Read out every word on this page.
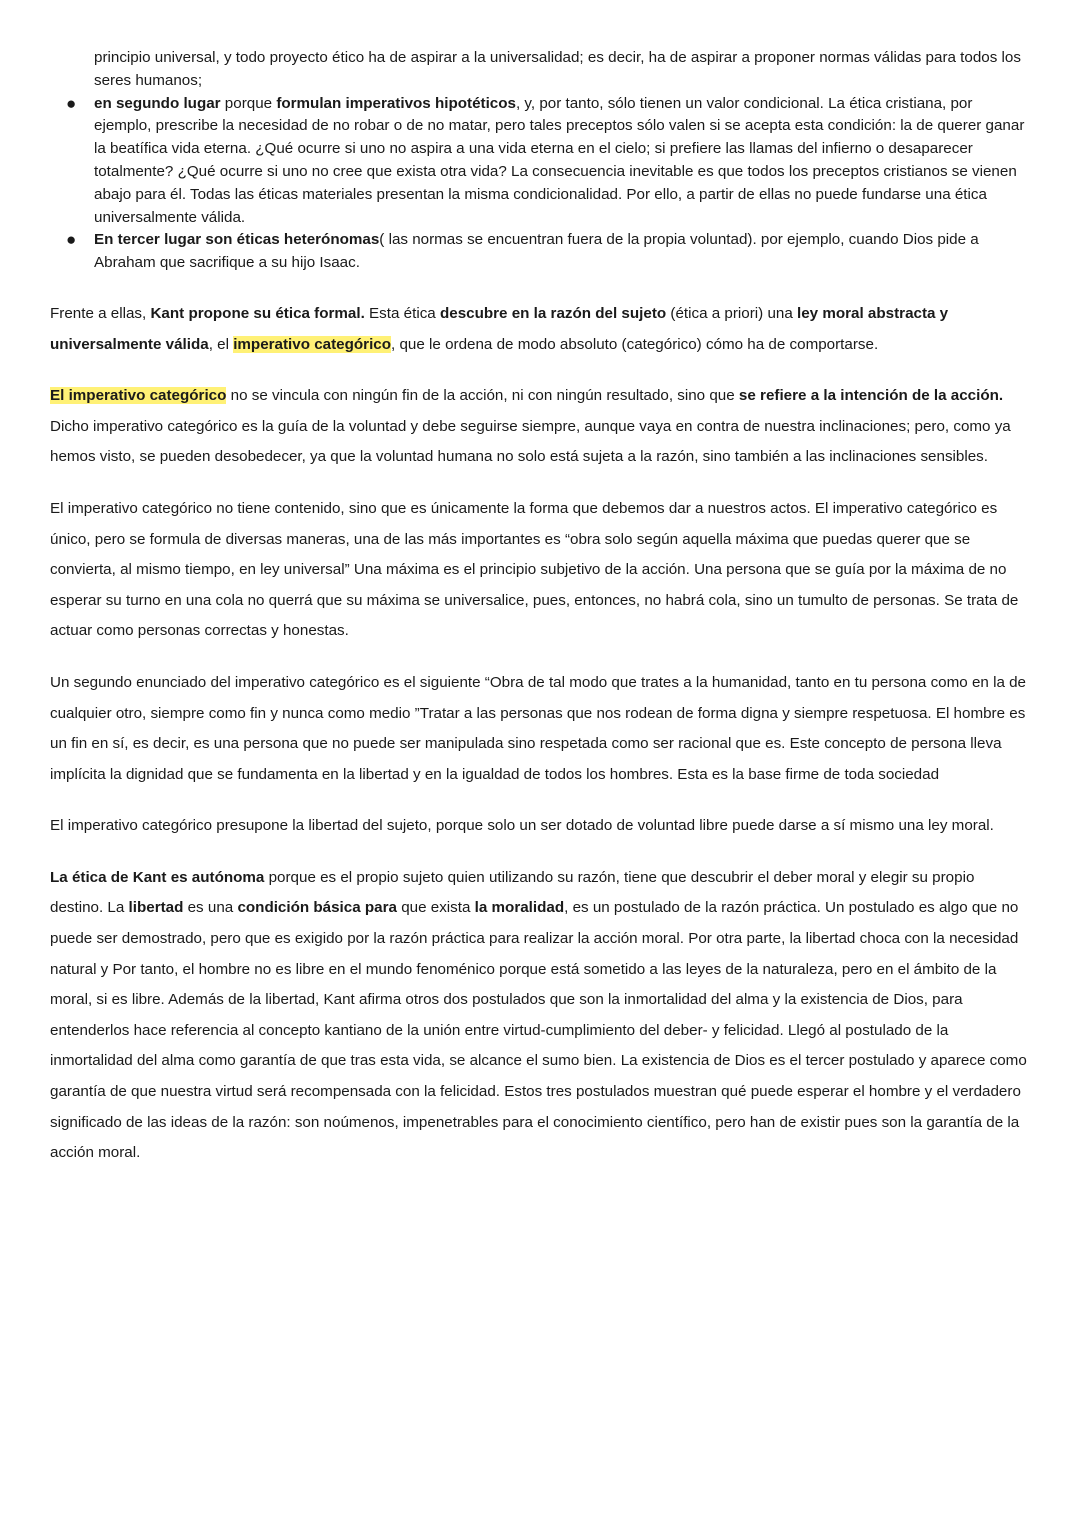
principio universal, y todo proyecto ético ha de aspirar a la universalidad; es decir, ha de aspirar a proponer normas válidas para todos los seres humanos;
● en segundo lugar porque formulan imperativos hipotéticos, y, por tanto, sólo tienen un valor condicional. La ética cristiana, por ejemplo, prescribe la necesidad de no robar o de no matar, pero tales preceptos sólo valen si se acepta esta condición: la de querer ganar la beatífica vida eterna. ¿Qué ocurre si uno no aspira a una vida eterna en el cielo; si prefiere las llamas del infierno o desaparecer totalmente? ¿Qué ocurre si uno no cree que exista otra vida? La consecuencia inevitable es que todos los preceptos cristianos se vienen abajo para él. Todas las éticas materiales presentan la misma condicionalidad. Por ello, a partir de ellas no puede fundarse una ética universalmente válida.
● En tercer lugar son éticas heterónomas( las normas se encuentran fuera de la propia voluntad). por ejemplo, cuando Dios pide a Abraham que sacrifique a su hijo Isaac.

Frente a ellas, Kant propone su ética formal. Esta ética descubre en la razón del sujeto (ética a priori) una ley moral abstracta y universalmente válida, el imperativo categórico, que le ordena de modo absoluto (categórico) cómo ha de comportarse.

El imperativo categórico no se vincula con ningún fin de la acción, ni con ningún resultado, sino que se refiere a la intención de la acción. Dicho imperativo categórico es la guía de la voluntad y debe seguirse siempre, aunque vaya en contra de nuestra inclinaciones; pero, como ya hemos visto, se pueden desobedecer, ya que la voluntad humana no solo está sujeta a la razón, sino también a las inclinaciones sensibles.

El imperativo categórico no tiene contenido, sino que es únicamente la forma que debemos dar a nuestros actos. El imperativo categórico es único, pero se formula de diversas maneras, una de las más importantes es “obra solo según aquella máxima que puedas querer que se convierta, al mismo tiempo, en ley universal” Una máxima es el principio subjetivo de la acción. Una persona que se guía por la máxima de no esperar su turno en una cola no querrá que su máxima se universalice, pues, entonces, no habrá cola, sino un tumulto de personas. Se trata de actuar como personas correctas y honestas.

Un segundo enunciado del imperativo categórico es el siguiente “Obra de tal modo que trates a la humanidad, tanto en tu persona como en la de cualquier otro, siempre como fin y nunca como medio ”Tratar a las personas que nos rodean de forma digna y siempre respetuosa. El hombre es un fin en sí, es decir, es una persona que no puede ser manipulada sino respetada como ser racional que es. Este concepto de persona lleva implícita la dignidad que se fundamenta en la libertad y en la igualdad de todos los hombres. Esta es la base firme de toda sociedad

El imperativo categórico presupone la libertad del sujeto, porque solo un ser dotado de voluntad libre puede darse a sí mismo una ley moral.

La ética de Kant es autónoma porque es el propio sujeto quien utilizando su razón, tiene que descubrir el deber moral y elegir su propio destino. La libertad es una condición básica para que exista la moralidad, es un postulado de la razón práctica. Un postulado es algo que no puede ser demostrado, pero que es exigido por la razón práctica para realizar la acción moral. Por otra parte, la libertad choca con la necesidad natural y Por tanto, el hombre no es libre en el mundo fenoménico porque está sometido a las leyes de la naturaleza, pero en el ámbito de la moral, si es libre. Además de la libertad, Kant afirma otros dos postulados que son la inmortalidad del alma y la existencia de Dios, para entenderlos hace referencia al concepto kantiano de la unión entre virtud-cumplimiento del deber- y felicidad. Llegó al postulado de la inmortalidad del alma como garantía de que tras esta vida, se alcance el sumo bien. La existencia de Dios es el tercer postulado y aparece como garantía de que nuestra virtud será recompensada con la felicidad. Estos tres postulados muestran qué puede esperar el hombre y el verdadero significado de las ideas de la razón: son noúmenos, impenetrables para el conocimiento científico, pero han de existir pues son la garantía de la acción moral.
